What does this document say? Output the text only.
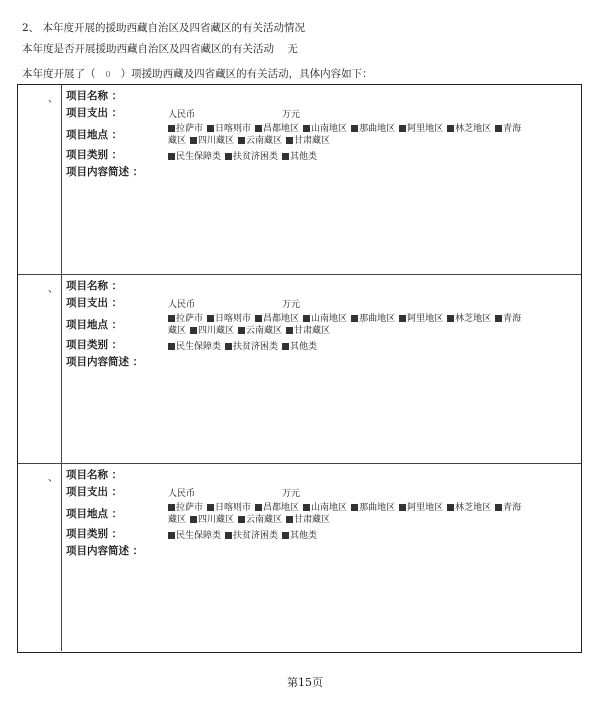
2、 本年度开展的援助西藏自治区及四省藏区的有关活动情况
本年度是否开展援助西藏自治区及四省藏区的有关活动 无
本年度开展了（ 0 ）项援助西藏及四省藏区的有关活动，具体内容如下：
、 项目名称 ：
项目支出 ：	人民币	万元
项目地点 ：	拉萨市 日喀则市 昌都地区 山南地区 那曲地区 阿里地区 林芝地区 青海
藏区 四川藏区 云南藏区 甘肃藏区
项目类别 ：	民生保障类 扶贫济困类 其他类
项目内容简述 ：
、 项目名称 ：
项目支出 ：	人民币	万元
项目地点 ：	拉萨市 日喀则市 昌都地区 山南地区 那曲地区 阿里地区 林芝地区 青海
藏区 四川藏区 云南藏区 甘肃藏区
项目类别 ：	民生保障类 扶贫济困类 其他类
项目内容简述 ：
、 项目名称 ：
项目支出 ：	人民币	万元
项目地点 ：	拉萨市 日喀则市 昌都地区 山南地区 那曲地区 阿里地区 林芝地区 青海
藏区 四川藏区 云南藏区 甘肃藏区
项目类别 ：	民生保障类 扶贫济困类 其他类
项目内容简述 ：
第15页
